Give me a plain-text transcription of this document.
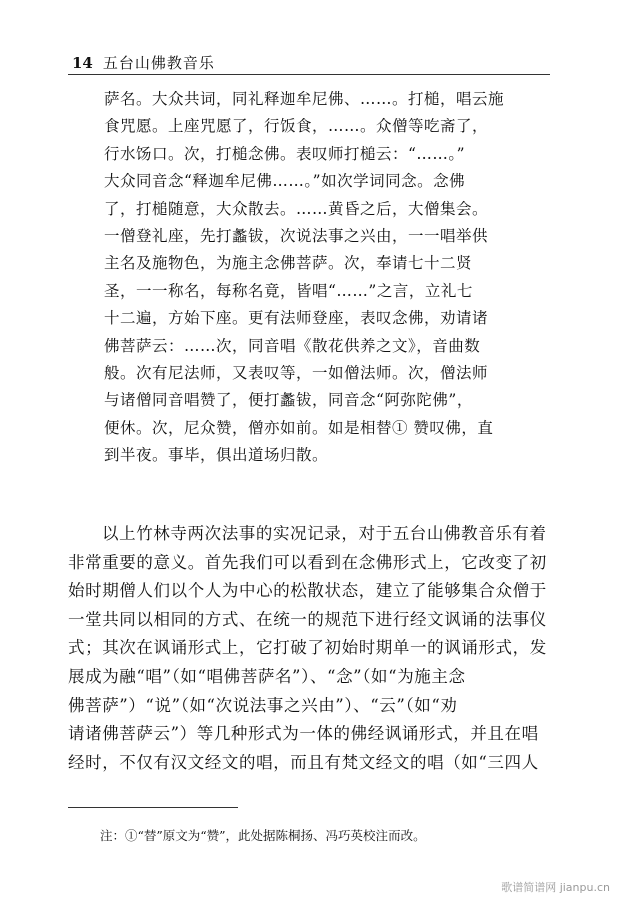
14 五台山佛教音乐
萨名。大众共词，同礼释迦牟尼佛、……。打槌，唱云施
食咒愿。上座咒愿了，行饭食，……。众僧等吃斋了，
行水饧口。次，打槌念佛。表叹师打槌云：“……。”
大众同音念“释迦牟尼佛……。”如次学词同念。念佛
了，打槌随意，大众散去。……黄昏之后，大僧集会。
一僧登礼座，先打蠡钹，次说法事之兴由，一一唱举供
主名及施物色，为施主念佛菩萨。次，奉请七十二贤
圣，一一称名，每称名竟，皆唱“……”之言，立礼七
十二遍，方始下座。更有法师登座，表叹念佛，劝请诸
佛菩萨云：……次，同音唱《散花供养之文》，音曲数
般。次有尼法师，又表叹等，一如僧法师。次，僧法师
与诸僧同音唱赞了，便打蠡钹，同音念“阿弥陀佛”，
便休。次，尼众赞，僧亦如前。如是相替① 赞叹佛，直
到半夜。事毕，俱出道场归散。
以上竹林寺两次法事的实况记录，对于五台山佛教音乐有着
非常重要的意义。首先我们可以看到在念佛形式上，它改变了初
始时期僧人们以个人为中心的松散状态，建立了能够集合众僧于
一堂共同以相同的方式、在统一的规范下进行经文讽诵的法事仪
式；其次在讽诵形式上，它打破了初始时期单一的讽诵形式，发
展成为融“唱”（如“唱佛菩萨名”）、“念”（如“为施主念
佛菩萨”）“说”（如“次说法事之兴由”）、“云”（如“劝
请诸佛菩萨云”）等几种形式为一体的佛经讽诵形式，并且在唱
经时，不仅有汉文经文的唱，而且有梵文经文的唱（如“三四人
注：①“替”原文为“赞”，此处据陈桐扬、冯巧英校注而改。
歌谱简谱网 jianpu.cn
